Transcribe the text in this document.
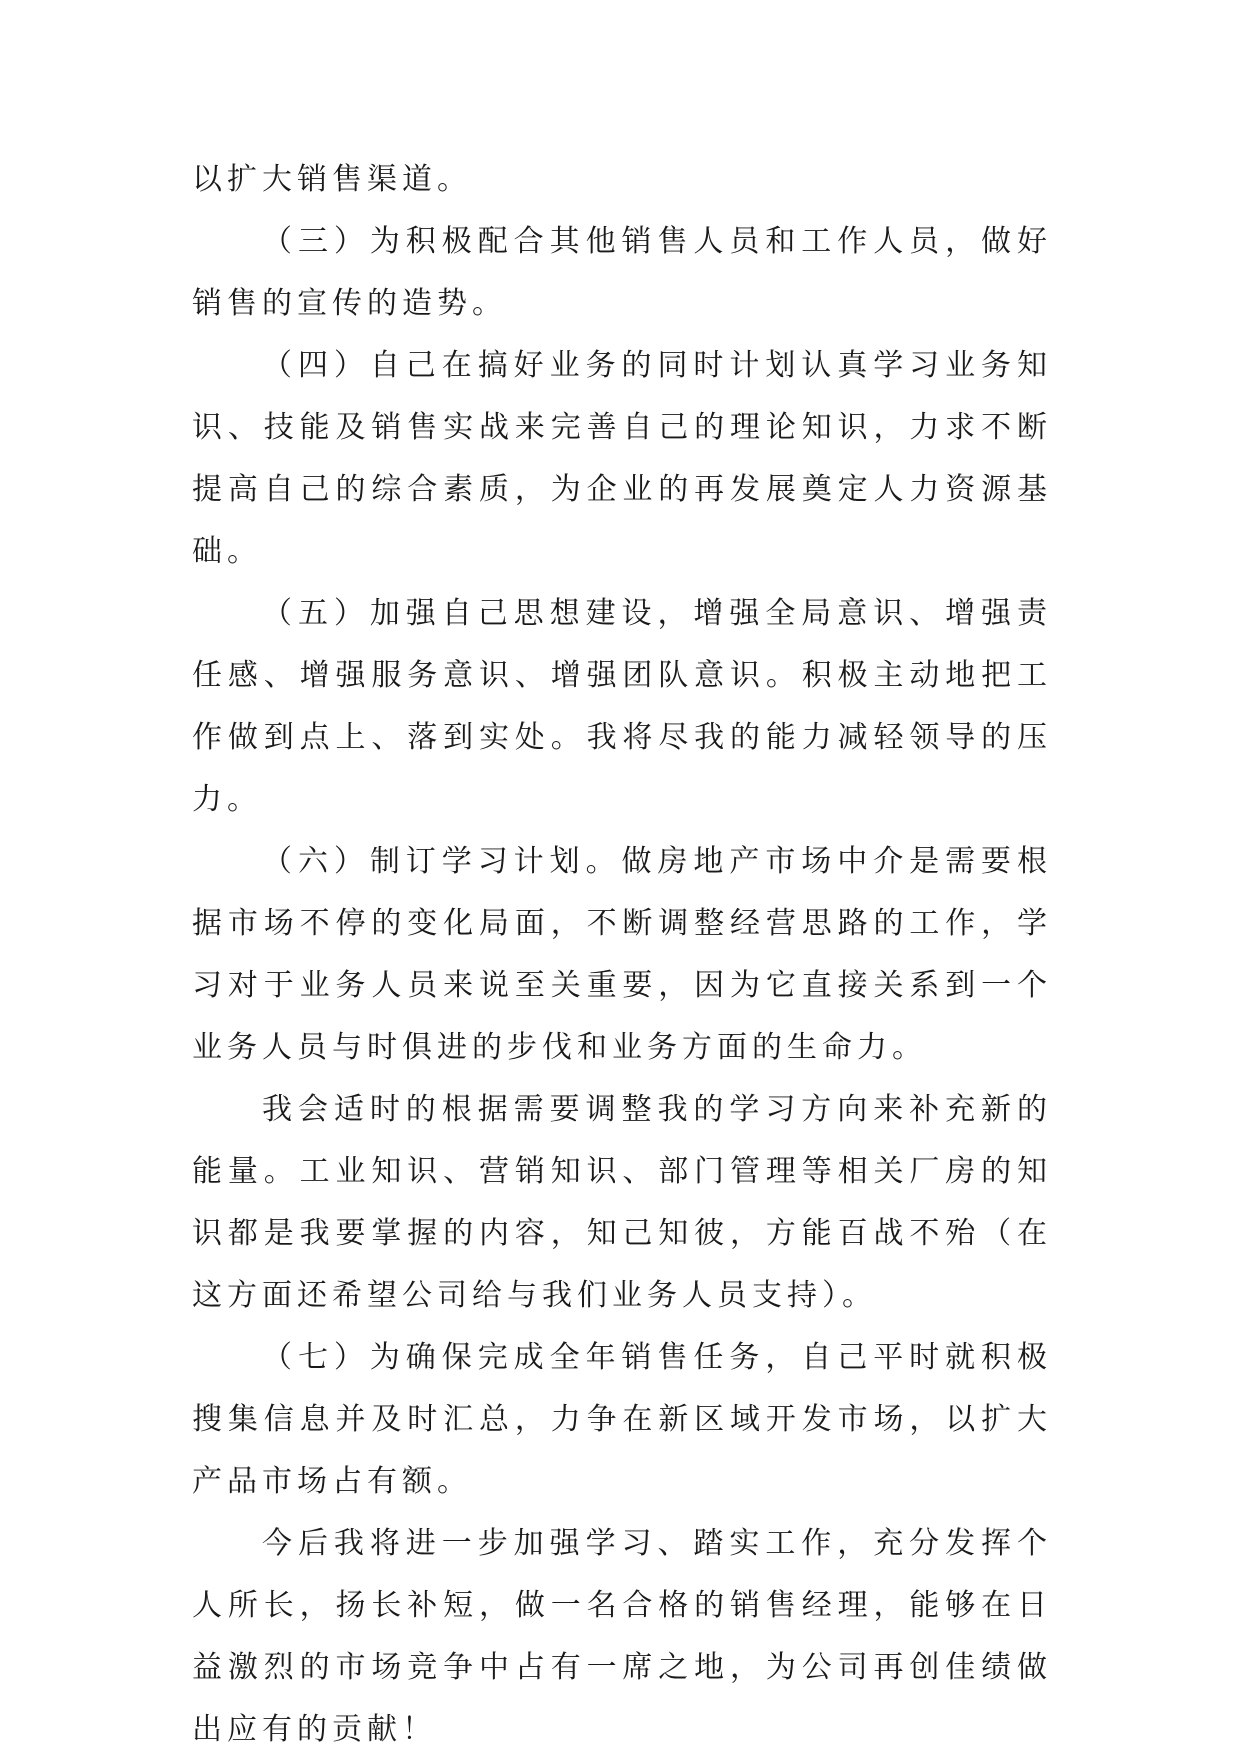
以扩大销售渠道。

（三）为积极配合其他销售人员和工作人员，做好销售的宣传的造势。

（四）自己在搞好业务的同时计划认真学习业务知识、技能及销售实战来完善自己的理论知识，力求不断提高自己的综合素质，为企业的再发展奠定人力资源基础。

（五）加强自己思想建设，增强全局意识、增强责任感、增强服务意识、增强团队意识。积极主动地把工作做到点上、落到实处。我将尽我的能力减轻领导的压力。

（六）制订学习计划。做房地产市场中介是需要根据市场不停的变化局面，不断调整经营思路的工作，学习对于业务人员来说至关重要，因为它直接关系到一个业务人员与时俱进的步伐和业务方面的生命力。

我会适时的根据需要调整我的学习方向来补充新的能量。工业知识、营销知识、部门管理等相关厂房的知识都是我要掌握的内容，知己知彼，方能百战不殆（在这方面还希望公司给与我们业务人员支持）。

（七）为确保完成全年销售任务，自己平时就积极搜集信息并及时汇总，力争在新区域开发市场，以扩大产品市场占有额。

今后我将进一步加强学习、踏实工作，充分发挥个人所长，扬长补短，做一名合格的销售经理，能够在日益激烈的市场竞争中占有一席之地，为公司再创佳绩做出应有的贡献！
